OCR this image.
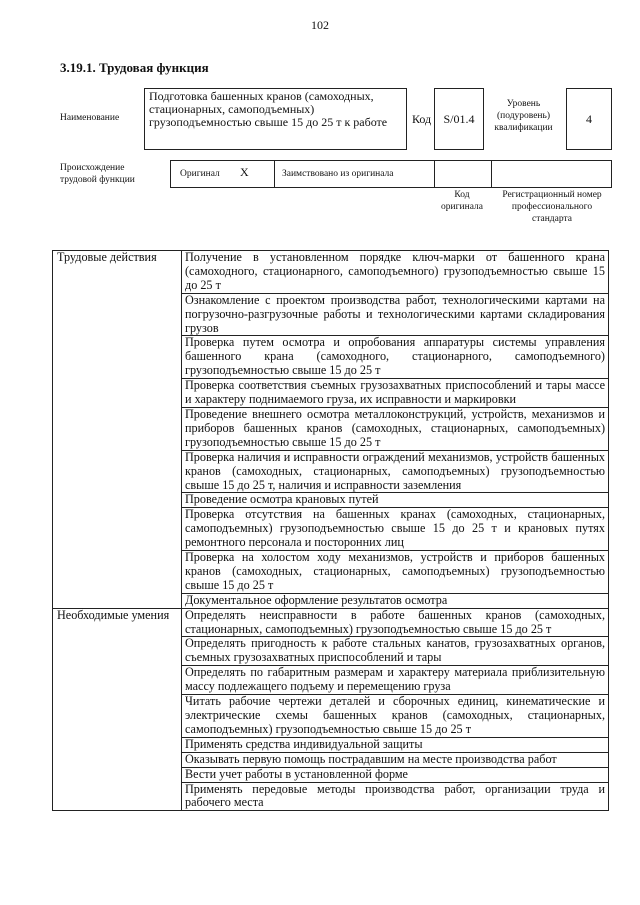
102
3.19.1. Трудовая функция
Наименование
Подготовка башенных кранов (самоходных, стационарных, самоподъемных) грузоподъемностью свыше 15 до 25 т к работе	Код S/01.4
Уровень (подуровень) квалификации
4
Происхождение трудовой функции
Оригинал X	Заимствовано из оригинала
Код оригинала
Регистрационный номер профессионального стандарта
Трудовые действия	Получение в установленном порядке ключ-марки от башенного крана (самоходного, стационарного, самоподъемного) грузоподъемностью свыше 15 до 25 т
	Ознакомление с проектом производства работ, технологическими картами на погрузочно-разгрузочные работы и технологическими картами складирования грузов
	Проверка путем осмотра и опробования аппаратуры системы управления башенного крана (самоходного, стационарного, самоподъемного) грузоподъемностью свыше 15 до 25 т
	Проверка соответствия съемных грузозахватных приспособлений и тары массе и характеру поднимаемого груза, их исправности и маркировки
	Проведение внешнего осмотра металлоконструкций, устройств, механизмов и приборов башенных кранов (самоходных, стационарных, самоподъемных) грузоподъемностью свыше 15 до 25 т
	Проверка наличия и исправности ограждений механизмов, устройств башенных кранов (самоходных, стационарных, самоподъемных) грузоподъемностью свыше 15 до 25 т, наличия и исправности заземления
	Проведение осмотра крановых путей
	Проверка отсутствия на башенных кранах (самоходных, стационарных, самоподъемных) грузоподъемностью свыше 15 до 25 т и крановых путях ремонтного персонала и посторонних лиц
	Проверка на холостом ходу механизмов, устройств и приборов башенных кранов (самоходных, стационарных, самоподъемных) грузоподъемностью свыше 15 до 25 т
	Документальное оформление результатов осмотра
Необходимые умения	Определять неисправности в работе башенных кранов (самоходных, стационарных, самоподъемных) грузоподъемностью свыше 15 до 25 т
	Определять пригодность к работе стальных канатов, грузозахватных органов, съемных грузозахватных приспособлений и тары
	Определять по габаритным размерам и характеру материала приблизительную массу подлежащего подъему и перемещению груза
	Читать рабочие чертежи деталей и сборочных единиц, кинематические и электрические схемы башенных кранов (самоходных, стационарных, самоподъемных) грузоподъемностью свыше 15 до 25 т
	Применять средства индивидуальной защиты
	Оказывать первую помощь пострадавшим на месте производства работ
	Вести учет работы в установленной форме
	Применять передовые методы производства работ, организации труда и рабочего места
